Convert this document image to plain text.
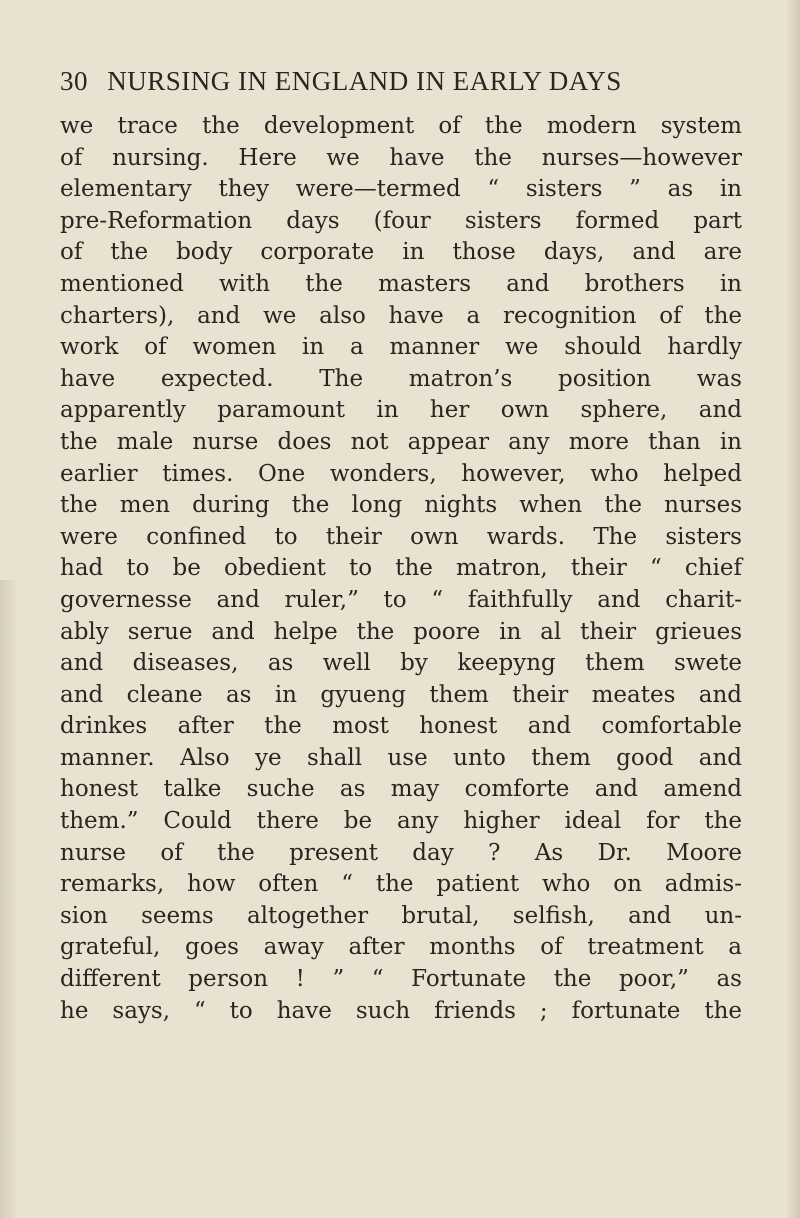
30 NURSING IN ENGLAND IN EARLY DAYS
we trace the development of the modern system
of nursing. Here we have the nurses—however
elementary they were—termed “ sisters ” as in
pre-Reformation days (four sisters formed part
of the body corporate in those days, and are
mentioned with the masters and brothers in
charters), and we also have a recognition of the
work of women in a manner we should hardly
have expected. The matron’s position was
apparently paramount in her own sphere, and
the male nurse does not appear any more than in
earlier times. One wonders, however, who helped
the men during the long nights when the nurses
were confined to their own wards. The sisters
had to be obedient to the matron, their “ chief
governesse and ruler,” to “ faithfully and charit-
ably serue and helpe the poore in al their grieues
and diseases, as well by keepyng them swete
and cleane as in gyueng them their meates and
drinkes after the most honest and comfortable
manner. Also ye shall use unto them good and
honest talke suche as may comforte and amend
them.” Could there be any higher ideal for the
nurse of the present day ? As Dr. Moore
remarks, how often “ the patient who on admis-
sion seems altogether brutal, selfish, and un-
grateful, goes away after months of treatment a
different person ! ” “ Fortunate the poor,” as
he says, “ to have such friends ; fortunate the
